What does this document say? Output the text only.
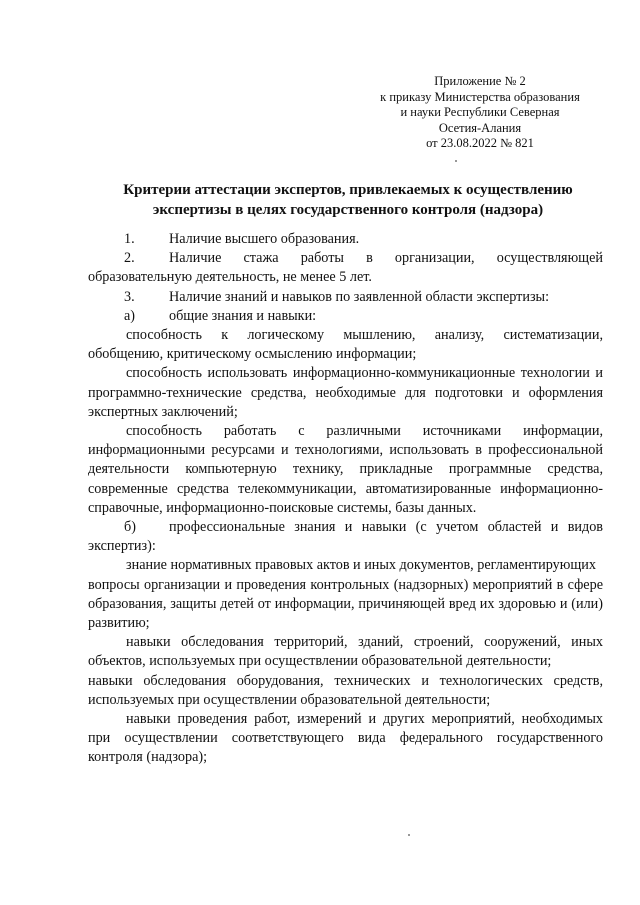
Приложение № 2
к приказу Министерства образования
и науки Республики Северная
Осетия-Алания
от 23.08.2022 № 821
Критерии аттестации экспертов, привлекаемых к осуществлению
экспертизы в целях государственного контроля (надзора)

1. Наличие высшего образования.

2. Наличие стажа работы в организации, осуществляющей образовательную деятельность, не менее 5 лет.

3. Наличие знаний и навыков по заявленной области экспертизы:

а) общие знания и навыки:

способность к логическому мышлению, анализу, систематизации, обобщению, критическому осмыслению информации;

способность использовать информационно-коммуникационные технологии и программно-технические средства, необходимые для подготовки и оформления экспертных заключений;

способность работать с различными источниками информации, информационными ресурсами и технологиями, использовать в профессиональной деятельности компьютерную технику, прикладные программные средства, современные средства телекоммуникации, автоматизированные информационно-справочные, информационно-поисковые системы, базы данных.

б) профессиональные знания и навыки (с учетом областей и видов экспертиз):

знание нормативных правовых актов и иных документов, регламентирующих

вопросы организации и проведения контрольных (надзорных) мероприятий в сфере образования, защиты детей от информации, причиняющей вред их здоровью и (или) развитию;

навыки обследования территорий, зданий, строений, сооружений, иных объектов, используемых при осуществлении образовательной деятельности;

навыки обследования оборудования, технических и технологических средств, используемых при осуществлении образовательной деятельности;

навыки проведения работ, измерений и других мероприятий, необходимых при осуществлении соответствующего вида федерального государственного контроля (надзора);
